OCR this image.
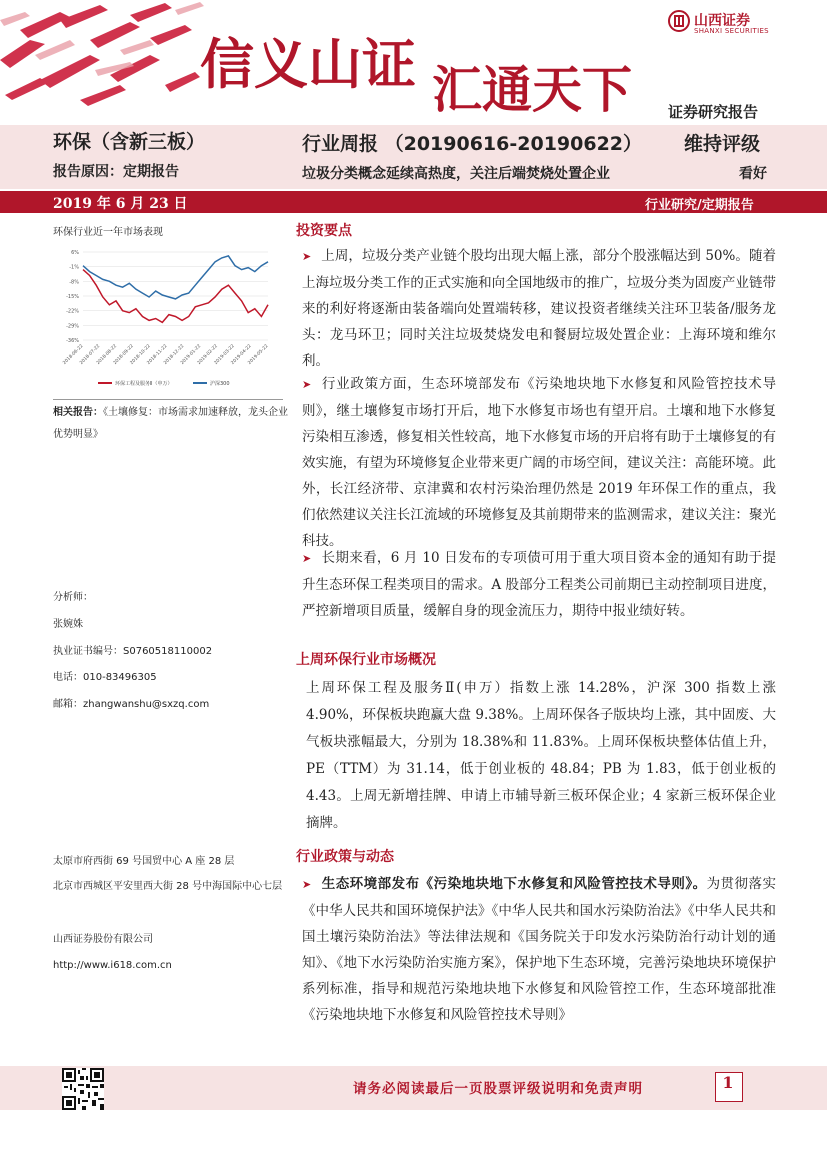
信义山证 汇通天下
山西证券
SHANXI SECURITIES
证券研究报告
环保（含新三板）
报告原因：定期报告
行业周报 （20190616-20190622） 维持评级
垃圾分类概念延续高热度，关注后端焚烧处置企业	看好
2019 年 6 月 23 日	行业研究/定期报告
环保行业近一年市场表现
6%
-1%
-8%
-15%
-22%
-29%
-36%
2018-06-22
2018-07-22
2018-08-22
2018-09-22
2018-10-22
2018-11-22
2018-12-22
2019-01-22
2019-02-22
2019-03-22
2019-04-22
2019-05-22
环保工程及服务Ⅱ（申万）	沪深300
相关报告：《土壤修复：市场需求加速释放，龙头企业优势明显》
分析师：
张婉姝
执业证书编号：S0760518110002
电话：010-83496305
邮箱：zhangwanshu@sxzq.com
太原市府西街 69 号国贸中心 A 座 28 层
北京市西城区平安里西大街 28 号中海国际中心七层
山西证券股份有限公司
http://www.i618.com.cn
投资要点
➤ 上周，垃圾分类产业链个股均出现大幅上涨，部分个股涨幅达到 50%。随着上海垃圾分类工作的正式实施和向全国地级市的推广，垃圾分类为固废产业链带来的利好将逐渐由装备端向处置端转移，建议投资者继续关注环卫装备/服务龙头：龙马环卫；同时关注垃圾焚烧发电和餐厨垃圾处置企业：上海环境和维尔利。
➤ 行业政策方面，生态环境部发布《污染地块地下水修复和风险管控技术导则》，继土壤修复市场打开后，地下水修复市场也有望开启。土壤和地下水修复污染相互渗透，修复相关性较高，地下水修复市场的开启将有助于土壤修复的有效实施，有望为环境修复企业带来更广阔的市场空间，建议关注：高能环境。此外，长江经济带、京津冀和农村污染治理仍然是 2019 年环保工作的重点，我们依然建议关注长江流域的环境修复及其前期带来的监测需求，建议关注：聚光科技。
➤ 长期来看，6 月 10 日发布的专项债可用于重大项目资本金的通知有助于提升生态环保工程类项目的需求。A 股部分工程类公司前期已主动控制项目进度，严控新增项目质量，缓解自身的现金流压力，期待中报业绩好转。
上周环保行业市场概况
上周环保工程及服务Ⅱ(申万）指数上涨 14.28%，沪深 300 指数上涨 4.90%，环保板块跑赢大盘 9.38%。上周环保各子版块均上涨，其中固废、大气板块涨幅最大，分别为 18.38%和 11.83%。上周环保板块整体估值上升，PE（TTM）为 31.14，低于创业板的 48.84；PB 为 1.83，低于创业板的 4.43。上周无新增挂牌、申请上市辅导新三板环保企业；4 家新三板环保企业摘牌。
行业政策与动态
➤ 生态环境部发布《污染地块地下水修复和风险管控技术导则》。为贯彻落实《中华人民共和国环境保护法》《中华人民共和国水污染防治法》《中华人民共和国土壤污染防治法》等法律法规和《国务院关于印发水污染防治行动计划的通知》、《地下水污染防治实施方案》，保护地下生态环境，完善污染地块环境保护系列标准，指导和规范污染地块地下水修复和风险管控工作，生态环境部批准《污染地块地下水修复和风险管控技术导则》
请务必阅读最后一页股票评级说明和免责声明	1
